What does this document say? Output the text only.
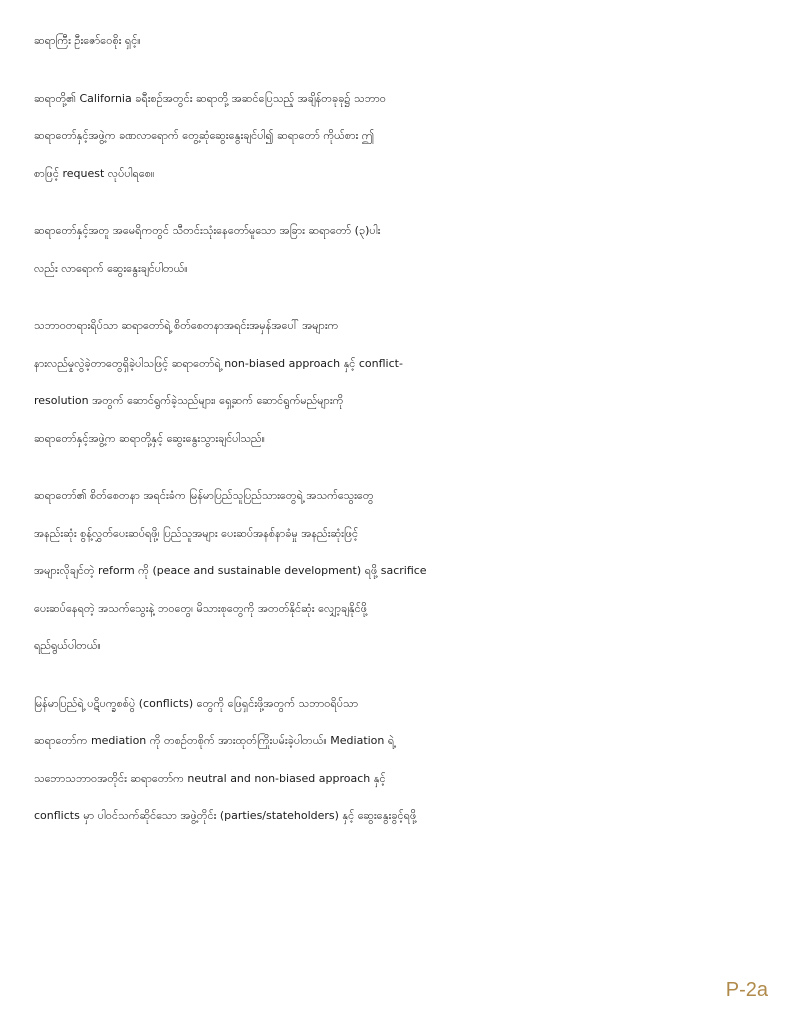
ဆရာကြီး ဦးဇော်ဝေစိုး ရှင့်။
ဆရာတို့၏ California ခရီးစဉ်အတွင်း ဆရာတို့ အဆင်ပြေသည့် အချိန်တခုခု၌ သဘာဝ
ဆရာတော်နှင့်အဖွဲ့က ခဏလာရောက် တွေ့ဆုံဆွေးနွေးချင်ပါ၍ ဆရာတော် ကိုယ်စား ဤ
စာဖြင့် request လုပ်ပါရစေ။
ဆရာတော်နှင့်အတူ အမေရိကတွင် သီတင်းသုံးနေတော်မူသော အခြား ဆရာတော် (၃)ပါး
လည်း လာရောက် ဆွေးနွေးချင်ပါတယ်။
သဘာဝတရားရိပ်သာ ဆရာတော်ရဲ့ စိတ်စေတနာအရင်းအမှန်အပေါ် အများက
နားလည်မှုလွဲခဲ့တာတွေရှိခဲ့ပါသဖြင့် ဆရာတော်ရဲ့ non-biased approach နှင့် conflict-
resolution အတွက် ဆောင်ရွက်ခဲ့သည်များ၊ ရှေ့ဆက် ဆောင်ရွက်မည်များကို
ဆရာတော်နှင့်အဖွဲ့က ဆရာတို့နှင့် ဆွေးနွေးသွားချင်ပါသည်။
ဆရာတော်၏ စိတ်စေတနာ အရင်းခံက မြန်မာပြည်သူပြည်သားတွေရဲ့ အသက်သွေးတွေ
အနည်းဆုံး စွန့်လွှတ်ပေးဆပ်ရဖို့၊ ပြည်သူအများ ပေးဆပ်အနစ်နာခံမှု အနည်းဆုံးဖြင့်
အများလိုချင်တဲ့ reform ကို (peace and sustainable development) ရဖို့ sacrifice
ပေးဆပ်နေရတဲ့ အသက်သွေးနဲ့ ဘဝတွေ၊ မိသားစုတွေကို အတတ်နိုင်ဆုံး လျှော့ချနိုင်ဖို့
ရည်ရွယ်ပါတယ်။
မြန်မာပြည်ရဲ့ ပဋိပက္ခစစ်ပွဲ (conflicts) တွေကို ဖြေရှင်းဖို့အတွက် သဘာဝရိပ်သာ
ဆရာတော်က mediation ကို တစဉ်တစိုက် အားထုတ်ကြိုးပမ်းခဲ့ပါတယ်။ Mediation ရဲ့
သဘောသဘာဝအတိုင်း ဆရာတော်က neutral and non-biased approach နှင့်
conflicts မှာ ပါဝင်သက်ဆိုင်သော အဖွဲ့တိုင်း (parties/stateholders) နှင့် ဆွေးနွေးခွင့်ရဖို့
P-2a
